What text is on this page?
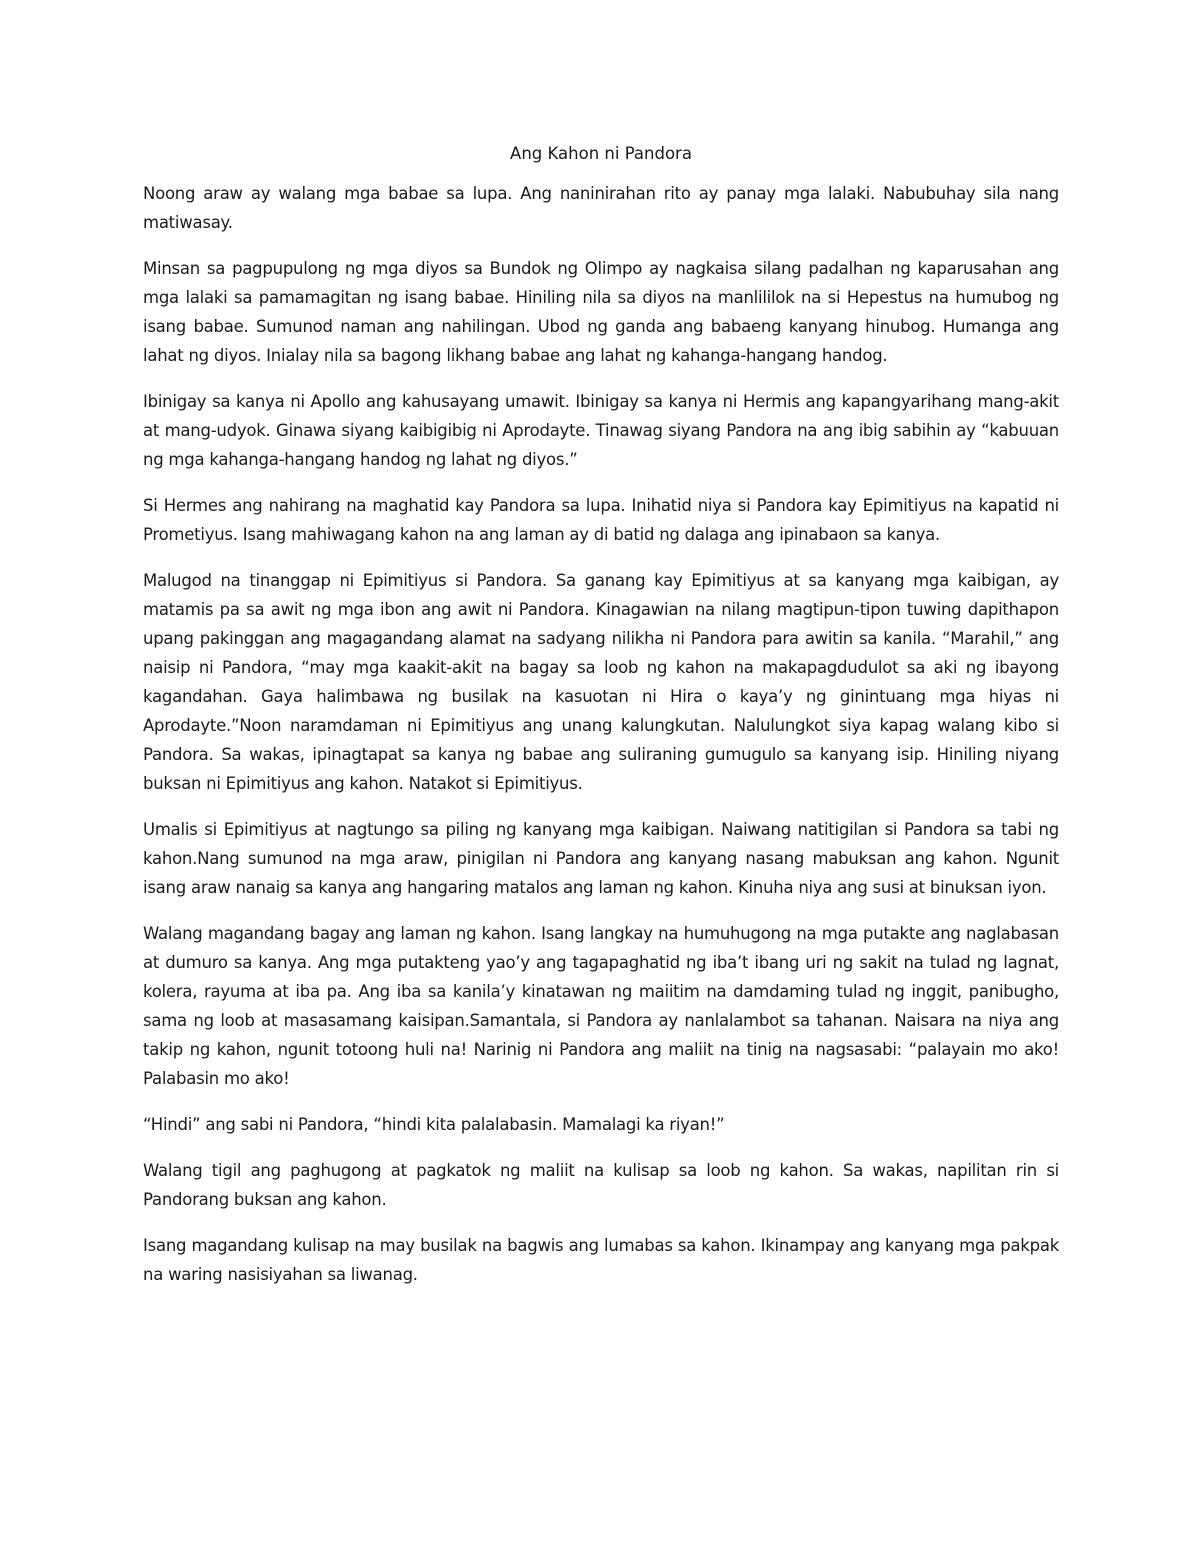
Ang Kahon ni Pandora

Noong araw ay walang mga babae sa lupa. Ang naninirahan rito ay panay mga lalaki. Nabubuhay sila nang matiwasay.

Minsan sa pagpupulong ng mga diyos sa Bundok ng Olimpo ay nagkaisa silang padalhan ng kaparusahan ang mga lalaki sa pamamagitan ng isang babae. Hiniling nila sa diyos na manlililok na si Hepestus na humubog ng isang babae. Sumunod naman ang nahilingan. Ubod ng ganda ang babaeng kanyang hinubog. Humanga ang lahat ng diyos. Inialay nila sa bagong likhang babae ang lahat ng kahanga-hangang handog.

Ibinigay sa kanya ni Apollo ang kahusayang umawit. Ibinigay sa kanya ni Hermis ang kapangyarihang mang-akit at mang-udyok. Ginawa siyang kaibigibig ni Aprodayte. Tinawag siyang Pandora na ang ibig sabihin ay “kabuuan ng mga kahanga-hangang handog ng lahat ng diyos.”

Si Hermes ang nahirang na maghatid kay Pandora sa lupa. Inihatid niya si Pandora kay Epimitiyus na kapatid ni Prometiyus. Isang mahiwagang kahon na ang laman ay di batid ng dalaga ang ipinabaon sa kanya.

Malugod na tinanggap ni Epimitiyus si Pandora. Sa ganang kay Epimitiyus at sa kanyang mga kaibigan, ay matamis pa sa awit ng mga ibon ang awit ni Pandora. Kinagawian na nilang magtipun-tipon tuwing dapithapon upang pakinggan ang magagandang alamat na sadyang nilikha ni Pandora para awitin sa kanila. “Marahil,” ang naisip ni Pandora, “may mga kaakit-akit na bagay sa loob ng kahon na makapagdudulot sa aki ng ibayong kagandahan. Gaya halimbawa ng busilak na kasuotan ni Hira o kaya’y ng ginintuang mga hiyas ni Aprodayte.”Noon naramdaman ni Epimitiyus ang unang kalungkutan. Nalulungkot siya kapag walang kibo si Pandora. Sa wakas, ipinagtapat sa kanya ng babae ang suliraning gumugulo sa kanyang isip. Hiniling niyang buksan ni Epimitiyus ang kahon. Natakot si Epimitiyus.

Umalis si Epimitiyus at nagtungo sa piling ng kanyang mga kaibigan. Naiwang natitigilan si Pandora sa tabi ng kahon.Nang sumunod na mga araw, pinigilan ni Pandora ang kanyang nasang mabuksan ang kahon. Ngunit isang araw nanaig sa kanya ang hangaring matalos ang laman ng kahon. Kinuha niya ang susi at binuksan iyon.

Walang magandang bagay ang laman ng kahon. Isang langkay na humuhugong na mga putakte ang naglabasan at dumuro sa kanya. Ang mga putakteng yao’y ang tagapaghatid ng iba’t ibang uri ng sakit na tulad ng lagnat, kolera, rayuma at iba pa. Ang iba sa kanila’y kinatawan ng maiitim na damdaming tulad ng inggit, panibugho, sama ng loob at masasamang kaisipan.Samantala, si Pandora ay nanlalambot sa tahanan. Naisara na niya ang takip ng kahon, ngunit totoong huli na! Narinig ni Pandora ang maliit na tinig na nagsasabi: “palayain mo ako! Palabasin mo ako!

“Hindi” ang sabi ni Pandora, “hindi kita palalabasin. Mamalagi ka riyan!”

Walang tigil ang paghugong at pagkatok ng maliit na kulisap sa loob ng kahon. Sa wakas, napilitan rin si Pandorang buksan ang kahon.

Isang magandang kulisap na may busilak na bagwis ang lumabas sa kahon. Ikinampay ang kanyang mga pakpak na waring nasisiyahan sa liwanag.
